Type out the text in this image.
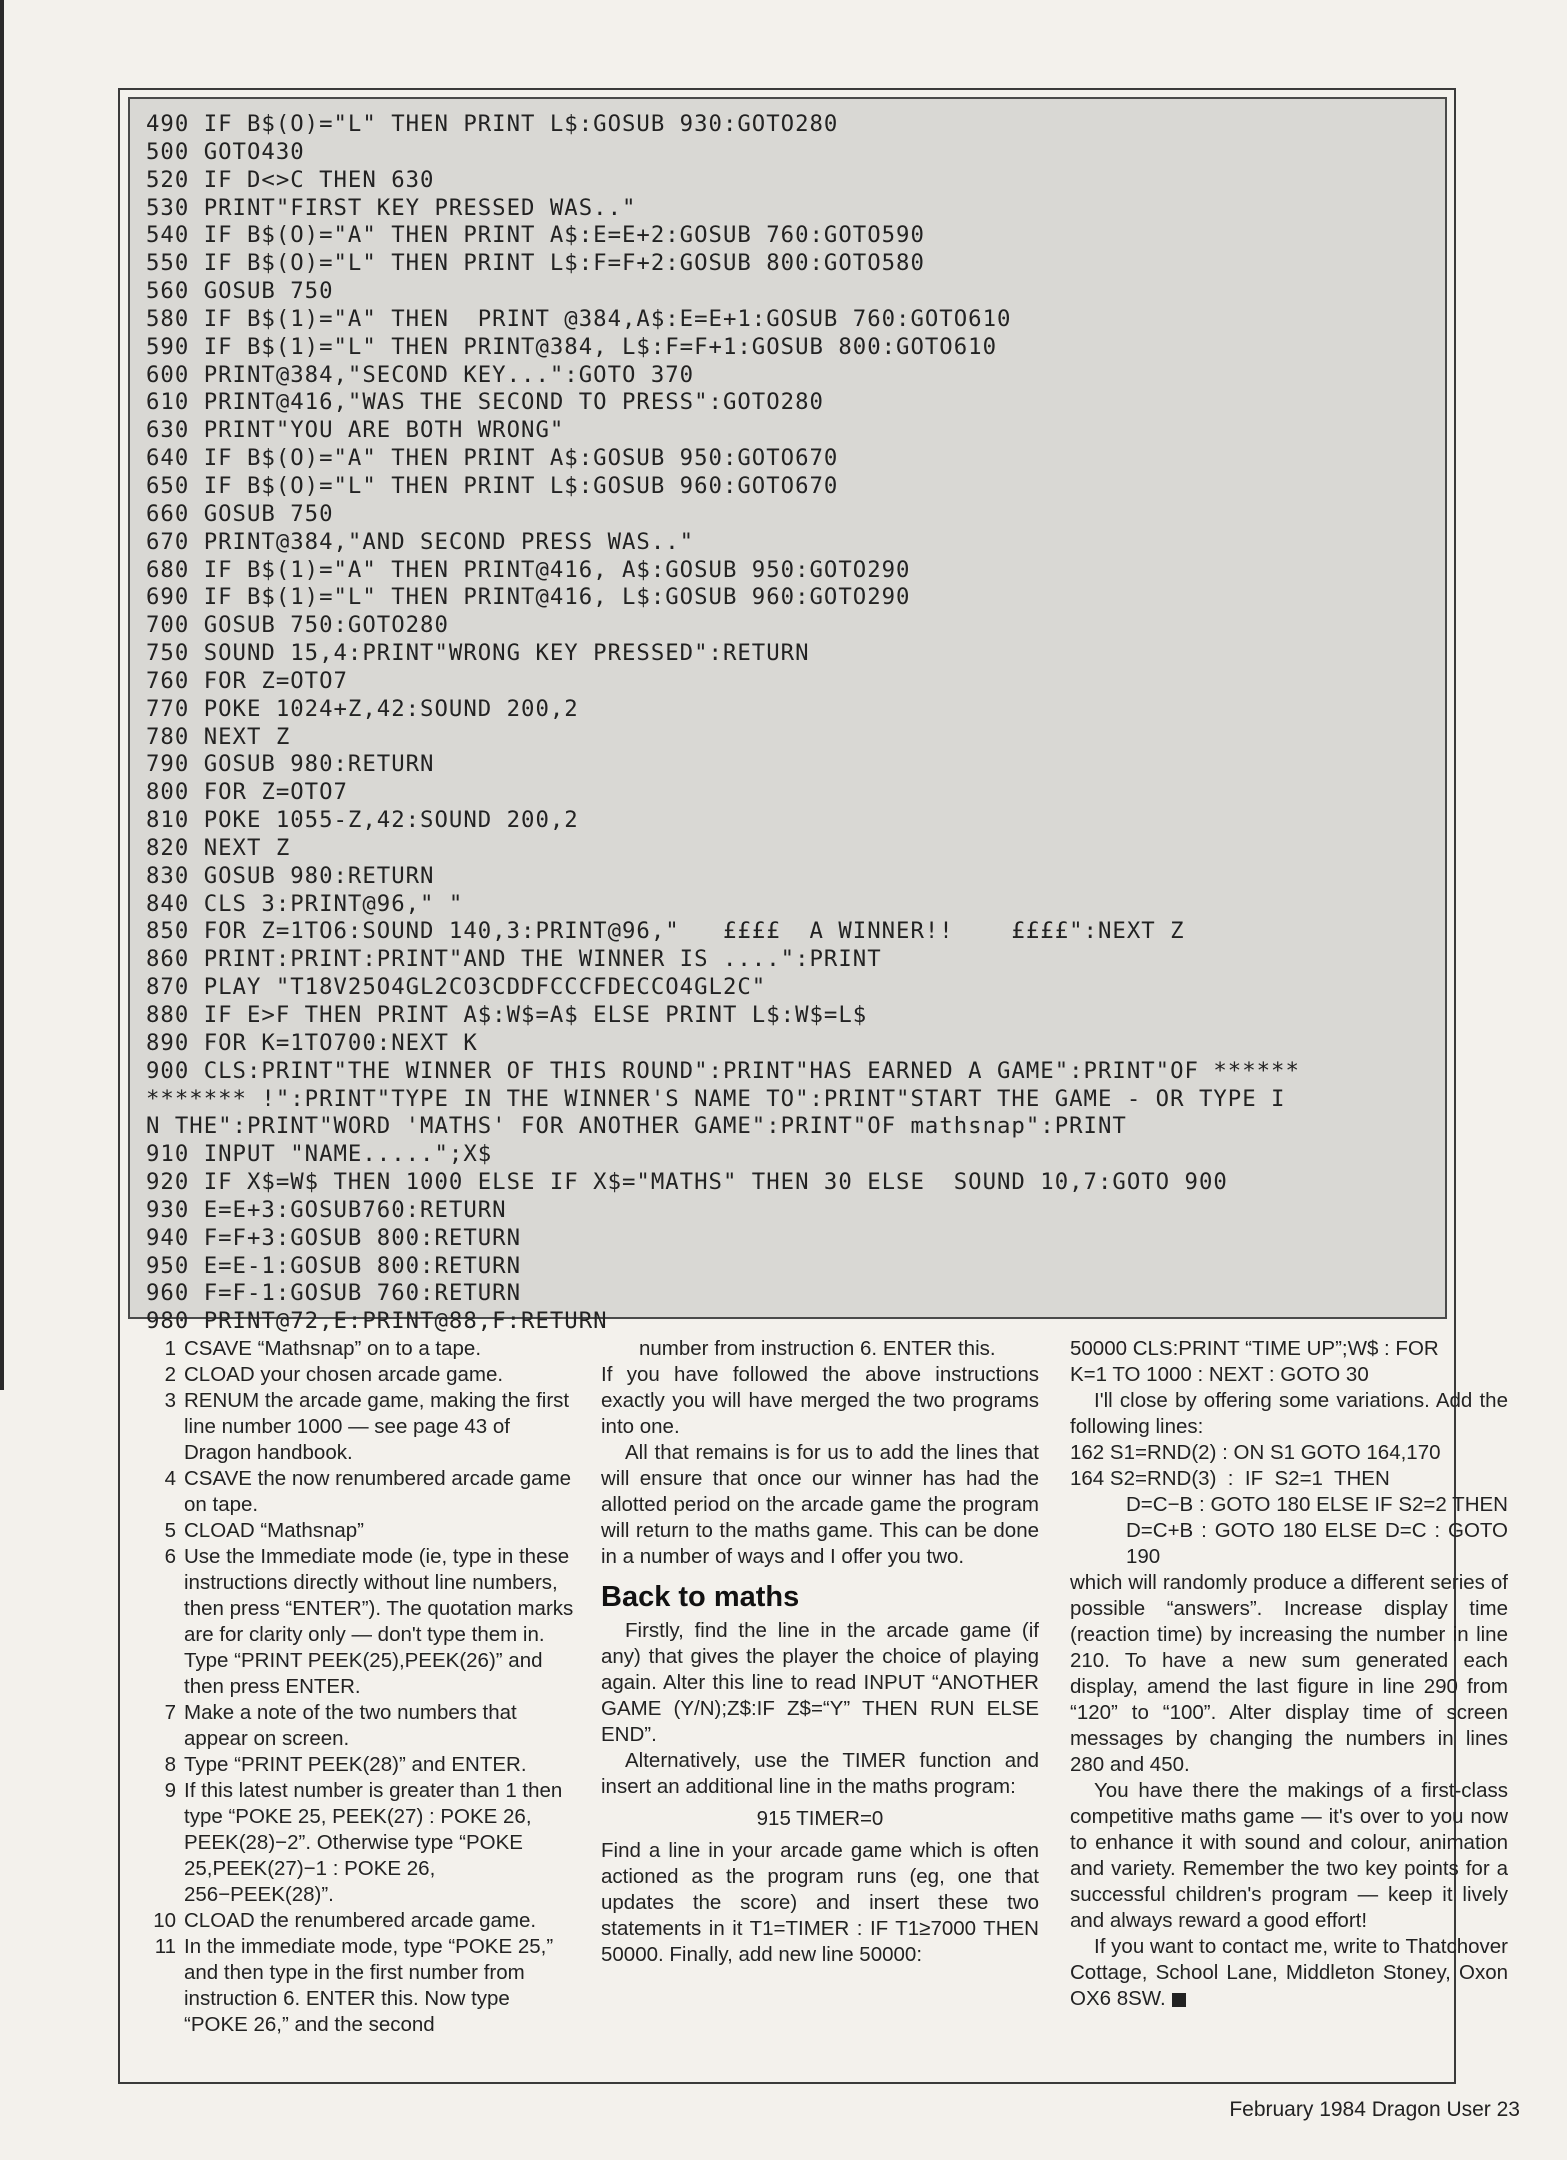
490 IF B$(O)="L" THEN PRINT L$:GOSUB 930:GOTO280
500 GOTO430
520 IF D<>C THEN 630
530 PRINT"FIRST KEY PRESSED WAS.."
540 IF B$(O)="A" THEN PRINT A$:E=E+2:GOSUB 760:GOTO590
550 IF B$(O)="L" THEN PRINT L$:F=F+2:GOSUB 800:GOTO580
560 GOSUB 750
580 IF B$(1)="A" THEN  PRINT @384,A$:E=E+1:GOSUB 760:GOTO610
590 IF B$(1)="L" THEN PRINT@384, L$:F=F+1:GOSUB 800:GOTO610
600 PRINT@384,"SECOND KEY...":GOTO 370
610 PRINT@416,"WAS THE SECOND TO PRESS":GOTO280
630 PRINT"YOU ARE BOTH WRONG"
640 IF B$(O)="A" THEN PRINT A$:GOSUB 950:GOTO670
650 IF B$(O)="L" THEN PRINT L$:GOSUB 960:GOTO670
660 GOSUB 750
670 PRINT@384,"AND SECOND PRESS WAS.."
680 IF B$(1)="A" THEN PRINT@416, A$:GOSUB 950:GOTO290
690 IF B$(1)="L" THEN PRINT@416, L$:GOSUB 960:GOTO290
700 GOSUB 750:GOTO280
750 SOUND 15,4:PRINT"WRONG KEY PRESSED":RETURN
760 FOR Z=OTO7
770 POKE 1024+Z,42:SOUND 200,2
780 NEXT Z
790 GOSUB 980:RETURN
800 FOR Z=OTO7
810 POKE 1055-Z,42:SOUND 200,2
820 NEXT Z
830 GOSUB 980:RETURN
840 CLS 3:PRINT@96," "
850 FOR Z=1TO6:SOUND 140,3:PRINT@96,"   ££££  A WINNER!!    ££££":NEXT Z
860 PRINT:PRINT:PRINT"AND THE WINNER IS ....":PRINT
870 PLAY "T18V25O4GL2CO3CDDFCCCFDECCO4GL2C"
880 IF E>F THEN PRINT A$:W$=A$ ELSE PRINT L$:W$=L$
890 FOR K=1TO700:NEXT K
900 CLS:PRINT"THE WINNER OF THIS ROUND":PRINT"HAS EARNED A GAME":PRINT"OF ******
******* !":PRINT"TYPE IN THE WINNER'S NAME TO":PRINT"START THE GAME - OR TYPE I
N THE":PRINT"WORD 'MATHS' FOR ANOTHER GAME":PRINT"OF mathsnap":PRINT
910 INPUT "NAME.....";X$
920 IF X$=W$ THEN 1000 ELSE IF X$="MATHS" THEN 30 ELSE  SOUND 10,7:GOTO 900
930 E=E+3:GOSUB760:RETURN
940 F=F+3:GOSUB 800:RETURN
950 E=E-1:GOSUB 800:RETURN
960 F=F-1:GOSUB 760:RETURN
980 PRINT@72,E:PRINT@88,F:RETURN
1 CSAVE “Mathsnap” on to a tape.
2 CLOAD your chosen arcade game.
3 RENUM the arcade game, making the first line number 1000 — see page 43 of Dragon handbook.
4 CSAVE the now renumbered arcade game on tape.
5 CLOAD “Mathsnap”
6 Use the Immediate mode (ie, type in these instructions directly without line numbers, then press “ENTER”). The quotation marks are for clarity only — don't type them in. Type “PRINT PEEK(25),PEEK(26)” and then press ENTER.
7 Make a note of the two numbers that appear on screen.
8 Type “PRINT PEEK(28)” and ENTER.
9 If this latest number is greater than 1 then type “POKE 25, PEEK(27) : POKE 26, PEEK(28)−2”. Otherwise type “POKE 25,PEEK(27)−1 : POKE 26, 256−PEEK(28)”.
10 CLOAD the renumbered arcade game.
11 In the immediate mode, type “POKE 25,” and then type in the first number from instruction 6. ENTER this. Now type “POKE 26,” and the second

number from instruction 6. ENTER this.

If you have followed the above instructions exactly you will have merged the two programs into one.

All that remains is for us to add the lines that will ensure that once our winner has had the allotted period on the arcade game the program will return to the maths game. This can be done in a number of ways and I offer you two.

Back to maths

Firstly, find the line in the arcade game (if any) that gives the player the choice of playing again. Alter this line to read INPUT “ANOTHER GAME (Y/N);Z$:IF Z$=“Y” THEN RUN ELSE END”.

Alternatively, use the TIMER function and insert an additional line in the maths program:

915 TIMER=0

Find a line in your arcade game which is often actioned as the program runs (eg, one that updates the score) and insert these two statements in it T1=TIMER : IF T1≥7000 THEN 50000. Finally, add new line 50000:

50000 CLS:PRINT “TIME UP”;W$ : FOR

K=1 TO 1000 : NEXT : GOTO 30

I'll close by offering some variations. Add the following lines:

162 S1=RND(2) : ON S1 GOTO 164,170

164 S2=RND(3)  :  IF  S2=1  THEN

D=C−B : GOTO 180 ELSE IF S2=2 THEN D=C+B : GOTO 180 ELSE D=C : GOTO 190

which will randomly produce a different series of possible “answers”. Increase display time (reaction time) by increasing the number in line 210. To have a new sum generated each display, amend the last figure in line 290 from “120” to “100”. Alter display time of screen messages by changing the numbers in lines 280 and 450.

You have there the makings of a first-class competitive maths game — it's over to you now to enhance it with sound and colour, animation and variety. Remember the two key points for a successful children's program — keep it lively and always reward a good effort!

If you want to contact me, write to Thatchover Cottage, School Lane, Middleton Stoney, Oxon OX6 8SW.

February 1984 Dragon User 23
